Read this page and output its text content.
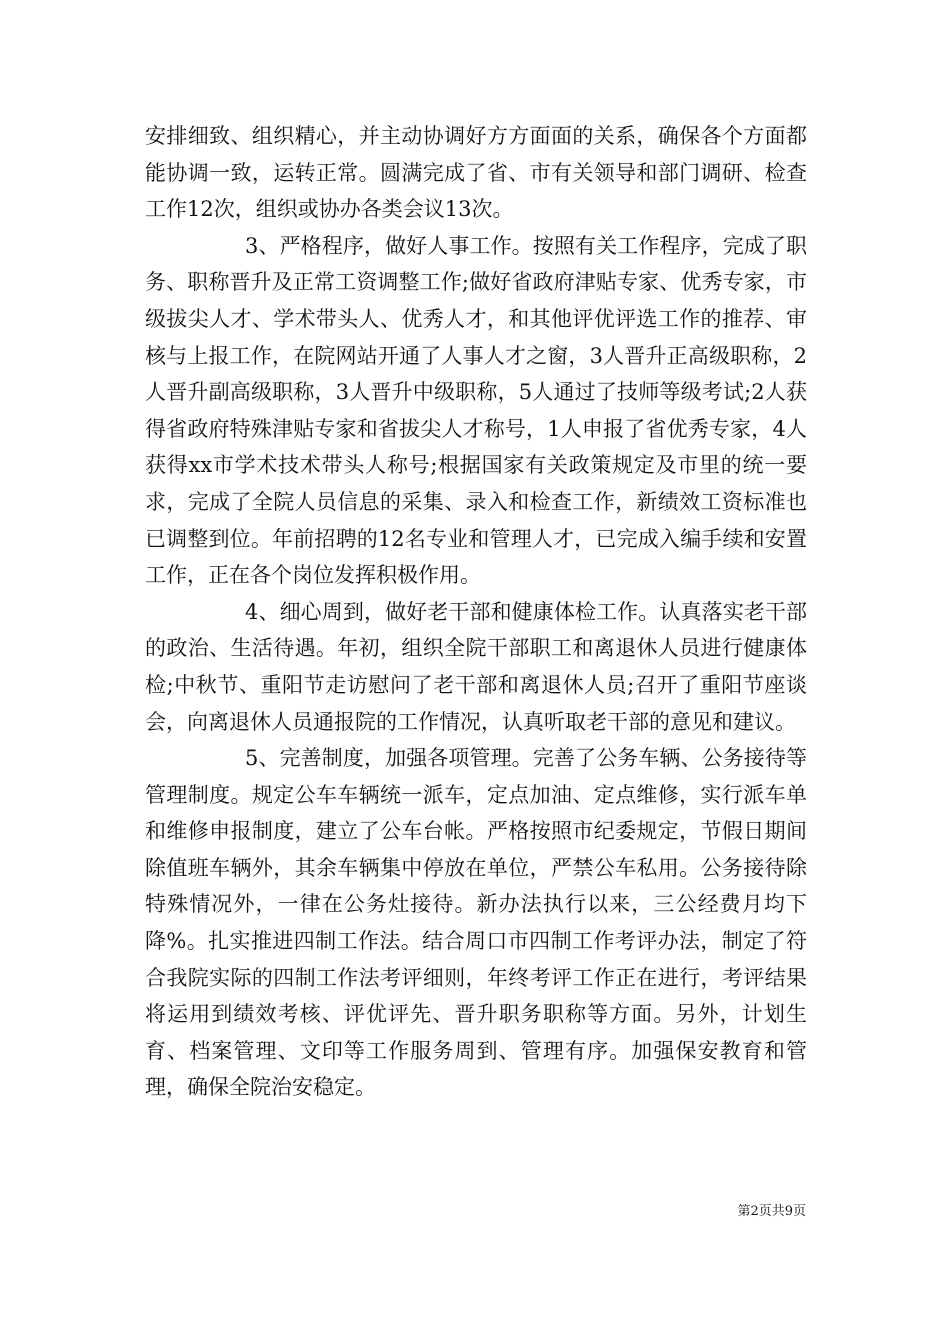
安排细致、组织精心，并主动协调好方方面面的关系，确保各个方面都能协调一致，运转正常。圆满完成了省、市有关领导和部门调研、检查工作12次，组织或协办各类会议13次。

3、严格程序，做好人事工作。按照有关工作程序，完成了职务、职称晋升及正常工资调整工作;做好省政府津贴专家、优秀专家，市级拔尖人才、学术带头人、优秀人才，和其他评优评选工作的推荐、审核与上报工作，在院网站开通了人事人才之窗，3人晋升正高级职称，2人晋升副高级职称，3人晋升中级职称，5人通过了技师等级考试;2人获得省政府特殊津贴专家和省拔尖人才称号，1人申报了省优秀专家，4人获得xx市学术技术带头人称号;根据国家有关政策规定及市里的统一要求，完成了全院人员信息的采集、录入和检查工作，新绩效工资标准也已调整到位。年前招聘的12名专业和管理人才，已完成入编手续和安置工作，正在各个岗位发挥积极作用。

4、细心周到，做好老干部和健康体检工作。认真落实老干部的政治、生活待遇。年初，组织全院干部职工和离退休人员进行健康体检;中秋节、重阳节走访慰问了老干部和离退休人员;召开了重阳节座谈会，向离退休人员通报院的工作情况，认真听取老干部的意见和建议。

5、完善制度，加强各项管理。完善了公务车辆、公务接待等管理制度。规定公车车辆统一派车，定点加油、定点维修，实行派车单和维修申报制度，建立了公车台帐。严格按照市纪委规定，节假日期间除值班车辆外，其余车辆集中停放在单位，严禁公车私用。公务接待除特殊情况外，一律在公务灶接待。新办法执行以来，三公经费月均下降%。扎实推进四制工作法。结合周口市四制工作考评办法，制定了符合我院实际的四制工作法考评细则，年终考评工作正在进行，考评结果将运用到绩效考核、评优评先、晋升职务职称等方面。另外，计划生育、档案管理、文印等工作服务周到、管理有序。加强保安教育和管理，确保全院治安稳定。

第2页共9页
